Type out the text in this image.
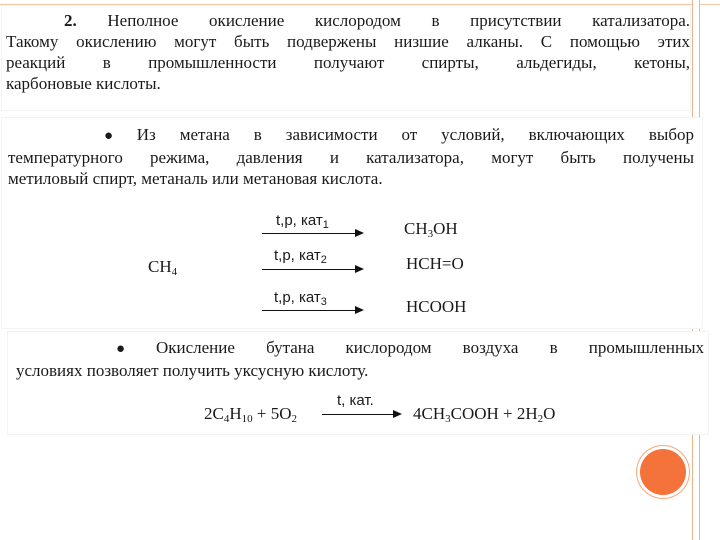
2. Неполное окисление кислородом в присутствии катализатора.
Такому окислению могут быть подвержены низшие алканы. С помощью этих
реакций в промышленности получают спирты, альдегиды, кетоны,
карбоновые кислоты.
● Из метана в зависимости от условий, включающих выбор
температурного режима, давления и катализатора, могут быть получены
метиловый спирт, метаналь или метановая кислота.
$CH_4$
t,p, кат$_1$	$CH_3OH$
t,p, кат$_2$	HCH=O
t,p, кат$_3$	HCOOH
● Окисление бутана кислородом воздуха в промышленных
условиях позволяет получить уксусную кислоту.
$2C_4H_{10} + 5O_2$
t, кат.
$4CH_3COOH + 2H_2O$
